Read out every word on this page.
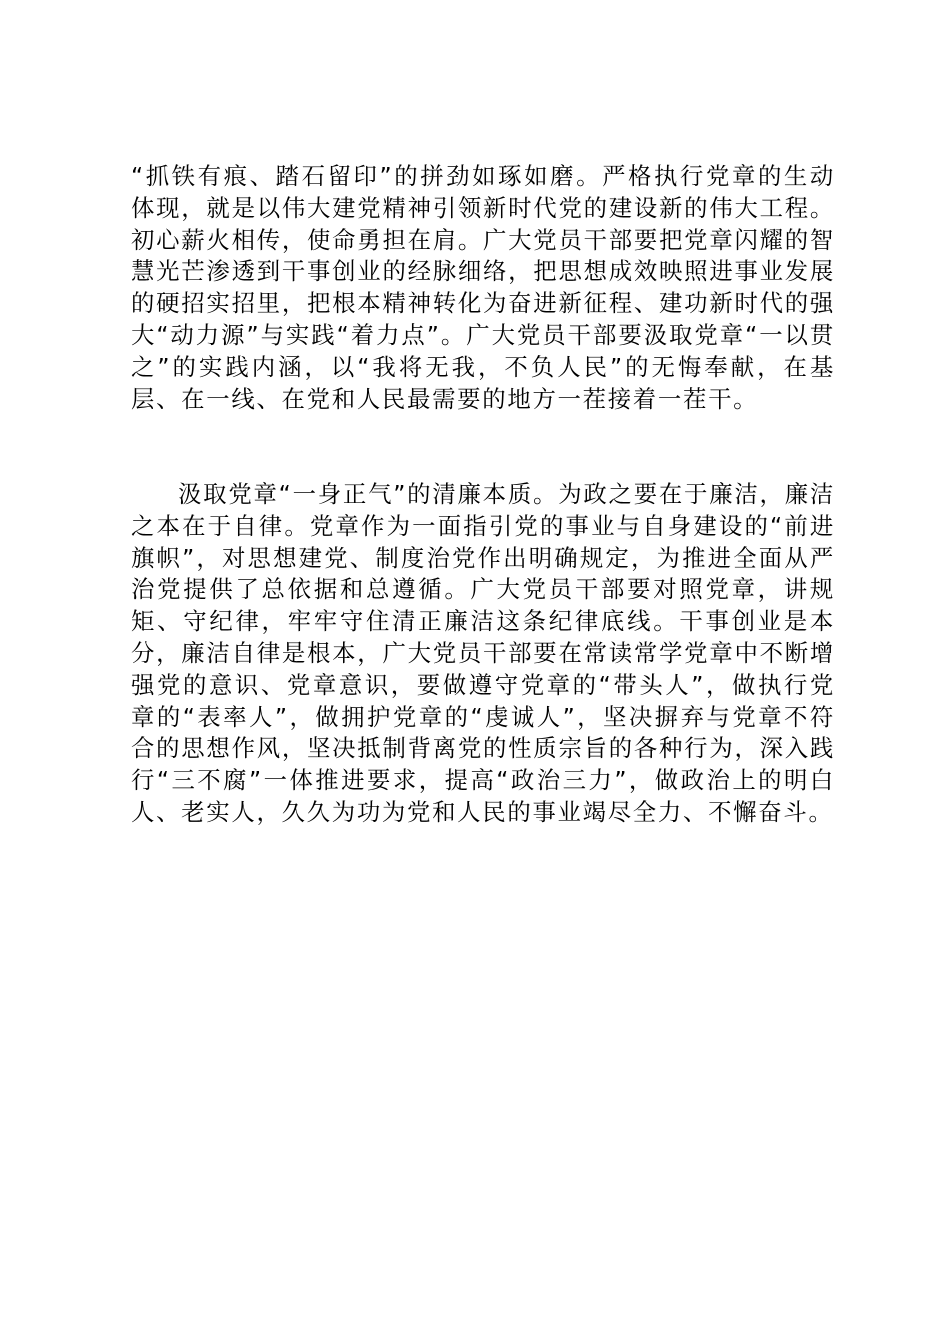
“抓铁有痕、踏石留印”的拼劲如琢如磨。严格执行党章的生动体现，就是以伟大建党精神引领新时代党的建设新的伟大工程。初心薪火相传，使命勇担在肩。广大党员干部要把党章闪耀的智慧光芒渗透到干事创业的经脉细络，把思想成效映照进事业发展的硬招实招里，把根本精神转化为奋进新征程、建功新时代的强大“动力源”与实践“着力点”。广大党员干部要汲取党章“一以贯之”的实践内涵，以“我将无我，不负人民”的无悔奉献，在基层、在一线、在党和人民最需要的地方一茬接着一茬干。

汲取党章“一身正气”的清廉本质。为政之要在于廉洁，廉洁之本在于自律。党章作为一面指引党的事业与自身建设的“前进旗帜”，对思想建党、制度治党作出明确规定，为推进全面从严治党提供了总依据和总遵循。广大党员干部要对照党章，讲规矩、守纪律，牢牢守住清正廉洁这条纪律底线。干事创业是本分，廉洁自律是根本，广大党员干部要在常读常学党章中不断增强党的意识、党章意识，要做遵守党章的“带头人”，做执行党章的“表率人”，做拥护党章的“虔诚人”，坚决摒弃与党章不符合的思想作风，坚决抵制背离党的性质宗旨的各种行为，深入践行“三不腐”一体推进要求，提高“政治三力”，做政治上的明白人、老实人，久久为功为党和人民的事业竭尽全力、不懈奋斗。
